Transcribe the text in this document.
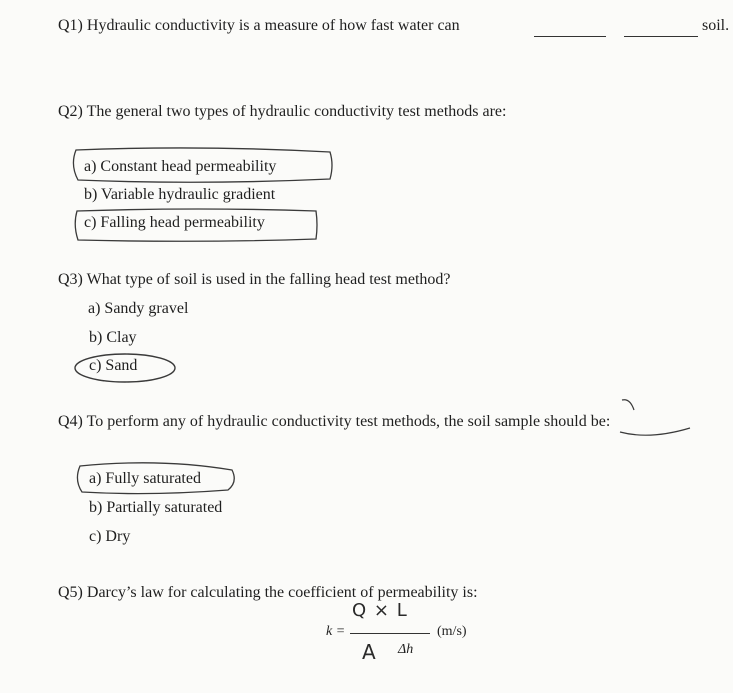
Q1) Hydraulic conductivity is a measure of how fast water can	soil.
Q2) The general two types of hydraulic conductivity test methods are:
a) Constant head permeability
b) Variable hydraulic gradient
c) Falling head permeability
Q3) What type of soil is used in the falling head test method?
a) Sandy gravel
b) Clay
c) Sand
Q4) To perform any of hydraulic conductivity test methods, the soil sample should be:
a) Fully saturated
b) Partially saturated
c) Dry
Q5) Darcy’s law for calculating the coefficient of permeability is:
k =
Q × L
A Δh
(m/s)
